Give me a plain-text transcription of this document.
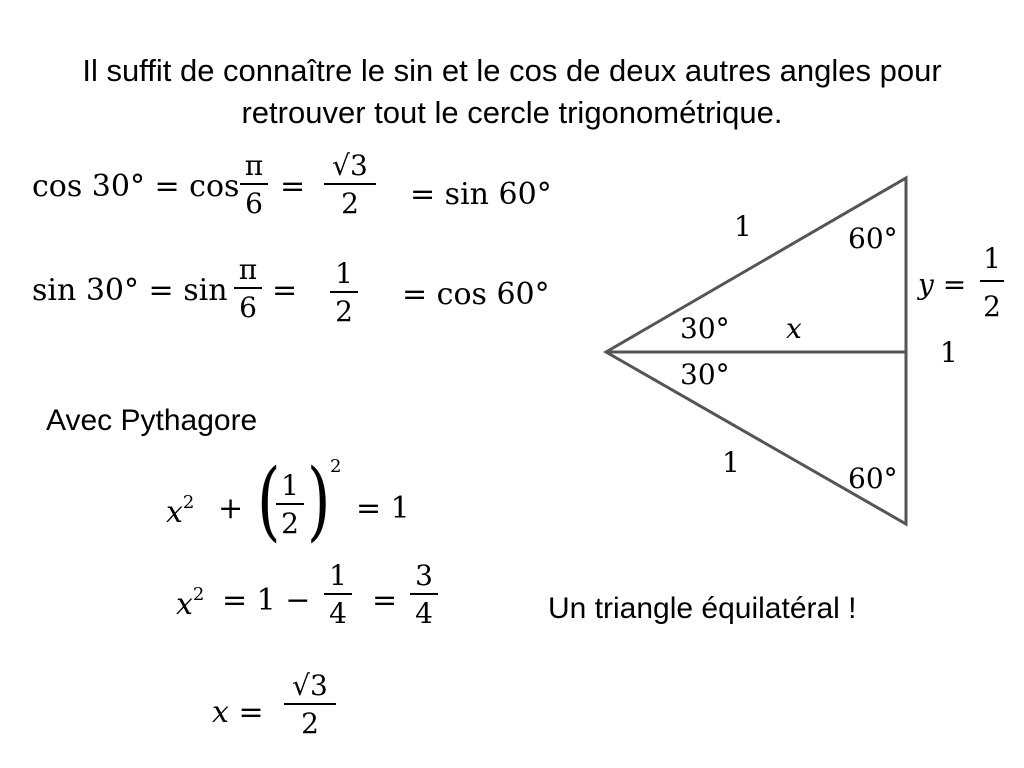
Il suffit de connaître le sin et le cos de deux autres angles pour
retrouver tout le cercle trigonométrique.
cos 30° = cos
π
6 =
√3
2	= sin 60°
sin 30° = sin
π
6 = 1
2 = cos 60°
Avec Pythagore
$x^2$ + ( 1
2 ) 2
= 1
$x^2 = 1$ −
1
4 =
3
4
x =
√3
2
1
1
60°
60°
30°
30°
x
1
y =
1
2
Un triangle équilatéral !
